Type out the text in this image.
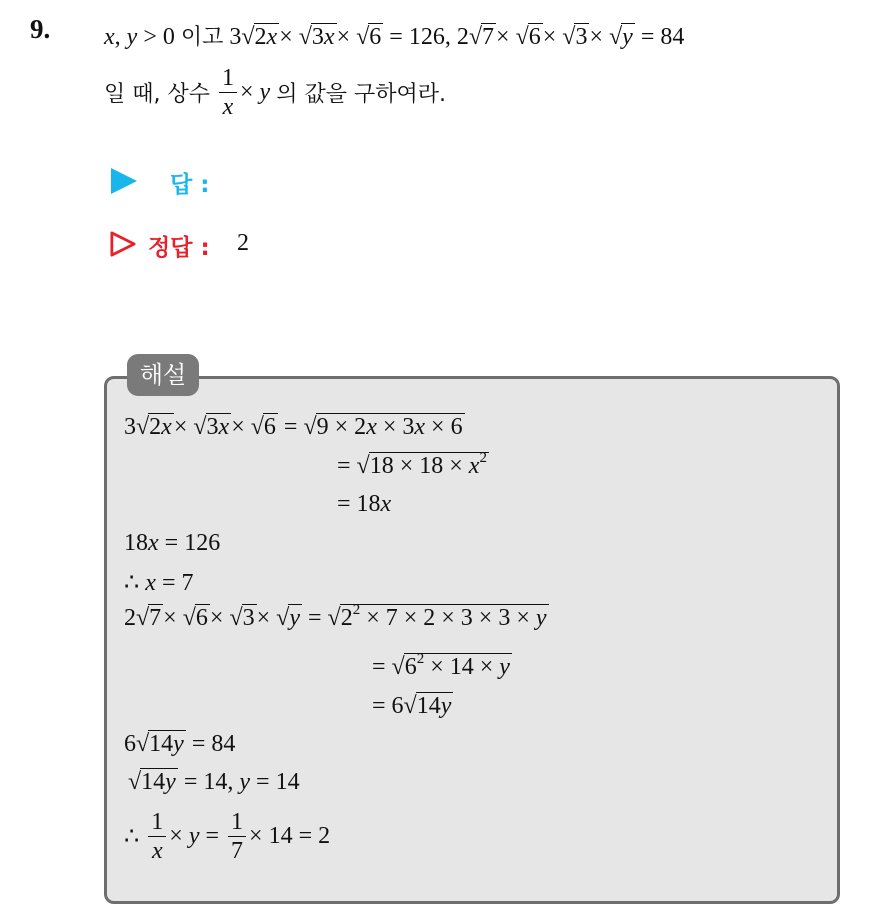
9. x, y > 0 이고 3√2x× √3x× √6 = 126, 2√7× √6× √3× √y = 84
일 때, 상수 $\frac{1}{x} \times y$ 의 값을 구하여라.
답 :
정답 : 2
해설
3√2x× √3x× √6 = √9 × 2x × 3x × 6
= $√18 \times 18 \times x^2$
= 18x
18x = 126
∴ x = 7
$2√7\times √6\times √3\times √y = √2^2 \times 7 \times 2 \times 3 \times 3 \times y$
= $√6^2 \times 14 \times y$
= 6√14y
6√14y = 84
√14y = 14, y = 14
∴ $\frac{1}{x} \times y = \frac{1}{7} \times 14 = 2$
